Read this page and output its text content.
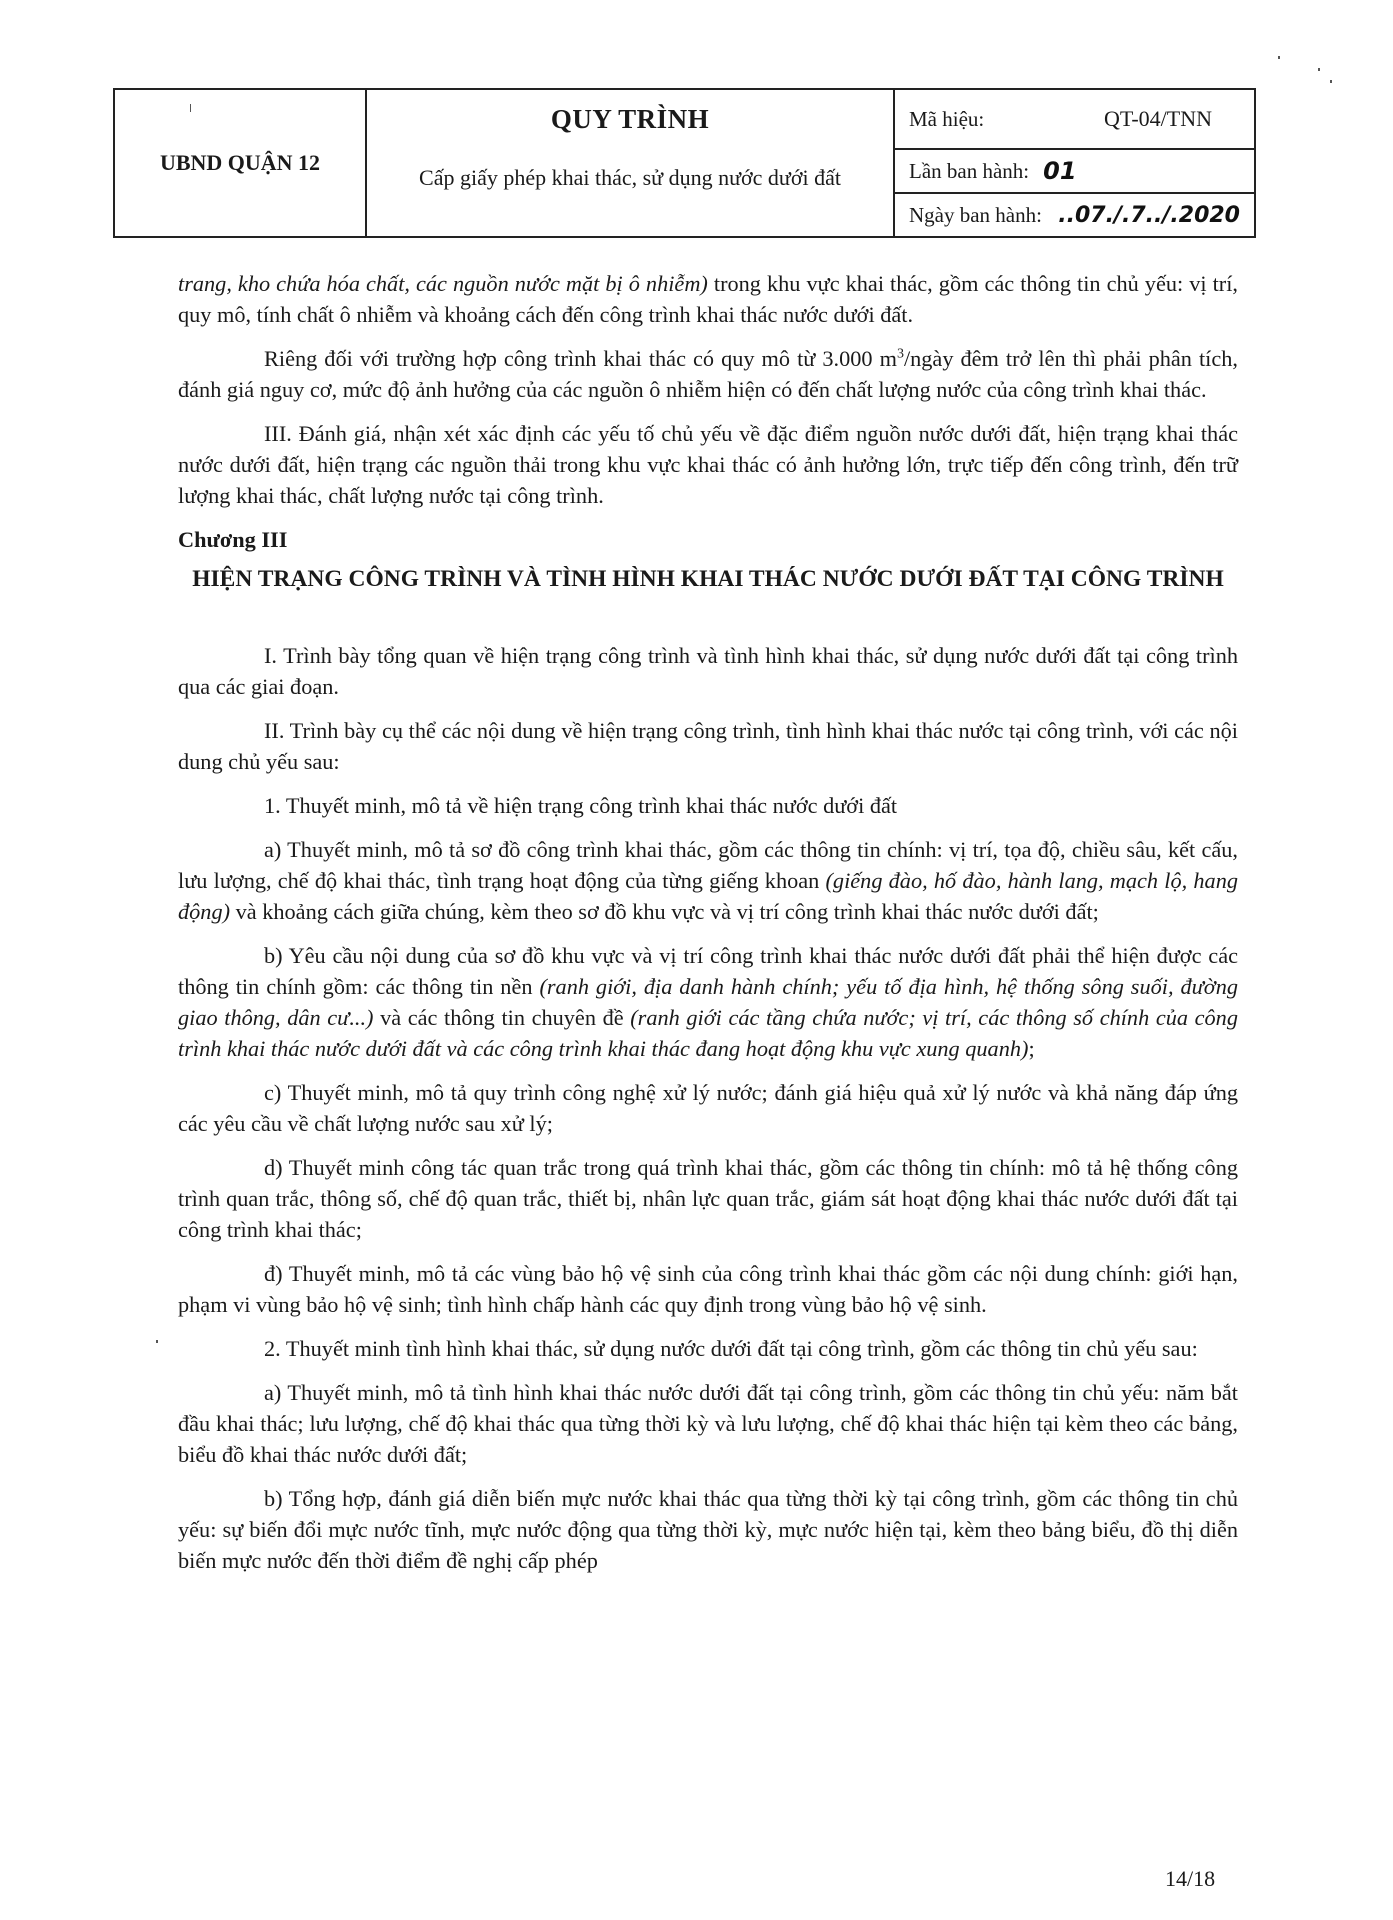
UBND QUẬN 12
QUY TRÌNH
Cấp giấy phép khai thác, sử dụng nước dưới đất
Mã hiệu:	QT-04/TNN
Lần ban hành: 01
Ngày ban hành: ..07./.7../.2020

trang, kho chứa hóa chất, các nguồn nước mặt bị ô nhiễm) trong khu vực khai thác, gồm các thông tin chủ yếu: vị trí, quy mô, tính chất ô nhiễm và khoảng cách đến công trình khai thác nước dưới đất.

Riêng đối với trường hợp công trình khai thác có quy mô từ 3.000 $m^3$/ngày đêm trở lên thì phải phân tích, đánh giá nguy cơ, mức độ ảnh hưởng của các nguồn ô nhiễm hiện có đến chất lượng nước của công trình khai thác.

III. Đánh giá, nhận xét xác định các yếu tố chủ yếu về đặc điểm nguồn nước dưới đất, hiện trạng khai thác nước dưới đất, hiện trạng các nguồn thải trong khu vực khai thác có ảnh hưởng lớn, trực tiếp đến công trình, đến trữ lượng khai thác, chất lượng nước tại công trình.

Chương III

HIỆN TRẠNG CÔNG TRÌNH VÀ TÌNH HÌNH KHAI THÁC NƯỚC DƯỚI ĐẤT TẠI CÔNG TRÌNH

I. Trình bày tổng quan về hiện trạng công trình và tình hình khai thác, sử dụng nước dưới đất tại công trình qua các giai đoạn.

II. Trình bày cụ thể các nội dung về hiện trạng công trình, tình hình khai thác nước tại công trình, với các nội dung chủ yếu sau:

1. Thuyết minh, mô tả về hiện trạng công trình khai thác nước dưới đất

a) Thuyết minh, mô tả sơ đồ công trình khai thác, gồm các thông tin chính: vị trí, tọa độ, chiều sâu, kết cấu, lưu lượng, chế độ khai thác, tình trạng hoạt động của từng giếng khoan (giếng đào, hố đào, hành lang, mạch lộ, hang động) và khoảng cách giữa chúng, kèm theo sơ đồ khu vực và vị trí công trình khai thác nước dưới đất;

b) Yêu cầu nội dung của sơ đồ khu vực và vị trí công trình khai thác nước dưới đất phải thể hiện được các thông tin chính gồm: các thông tin nền (ranh giới, địa danh hành chính; yếu tố địa hình, hệ thống sông suối, đường giao thông, dân cư...) và các thông tin chuyên đề (ranh giới các tầng chứa nước; vị trí, các thông số chính của công trình khai thác nước dưới đất và các công trình khai thác đang hoạt động khu vực xung quanh);

c) Thuyết minh, mô tả quy trình công nghệ xử lý nước; đánh giá hiệu quả xử lý nước và khả năng đáp ứng các yêu cầu về chất lượng nước sau xử lý;

d) Thuyết minh công tác quan trắc trong quá trình khai thác, gồm các thông tin chính: mô tả hệ thống công trình quan trắc, thông số, chế độ quan trắc, thiết bị, nhân lực quan trắc, giám sát hoạt động khai thác nước dưới đất tại công trình khai thác;

đ) Thuyết minh, mô tả các vùng bảo hộ vệ sinh của công trình khai thác gồm các nội dung chính: giới hạn, phạm vi vùng bảo hộ vệ sinh; tình hình chấp hành các quy định trong vùng bảo hộ vệ sinh.

2. Thuyết minh tình hình khai thác, sử dụng nước dưới đất tại công trình, gồm các thông tin chủ yếu sau:

a) Thuyết minh, mô tả tình hình khai thác nước dưới đất tại công trình, gồm các thông tin chủ yếu: năm bắt đầu khai thác; lưu lượng, chế độ khai thác qua từng thời kỳ và lưu lượng, chế độ khai thác hiện tại kèm theo các bảng, biểu đồ khai thác nước dưới đất;

b) Tổng hợp, đánh giá diễn biến mực nước khai thác qua từng thời kỳ tại công trình, gồm các thông tin chủ yếu: sự biến đổi mực nước tĩnh, mực nước động qua từng thời kỳ, mực nước hiện tại, kèm theo bảng biểu, đồ thị diễn biến mực nước đến thời điểm đề nghị cấp phép

14/18
